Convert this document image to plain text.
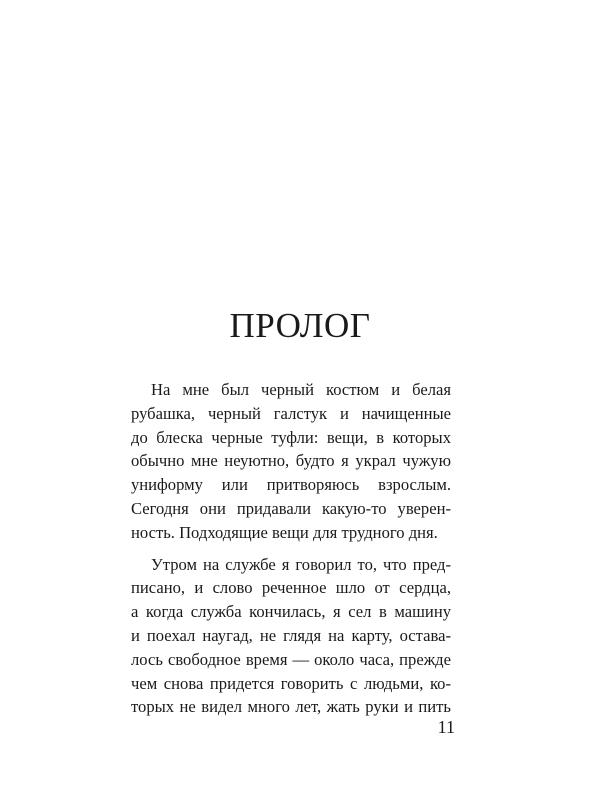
ПРОЛОГ
На мне был черный костюм и белая
рубашка, черный галстук и начищенные
до блеска черные туфли: вещи, в которых
обычно мне неуютно, будто я украл чужую
униформу или притворяюсь взрослым.
Сегодня они придавали какую-то уверен-
ность. Подходящие вещи для трудного дня.
Утром на службе я говорил то, что пред-
писано, и слово реченное шло от сердца,
а когда служба кончилась, я сел в машину
и поехал наугад, не глядя на карту, остава-
лось свободное время — около часа, прежде
чем снова придется говорить с людьми, ко-
торых не видел много лет, жать руки и пить
11
